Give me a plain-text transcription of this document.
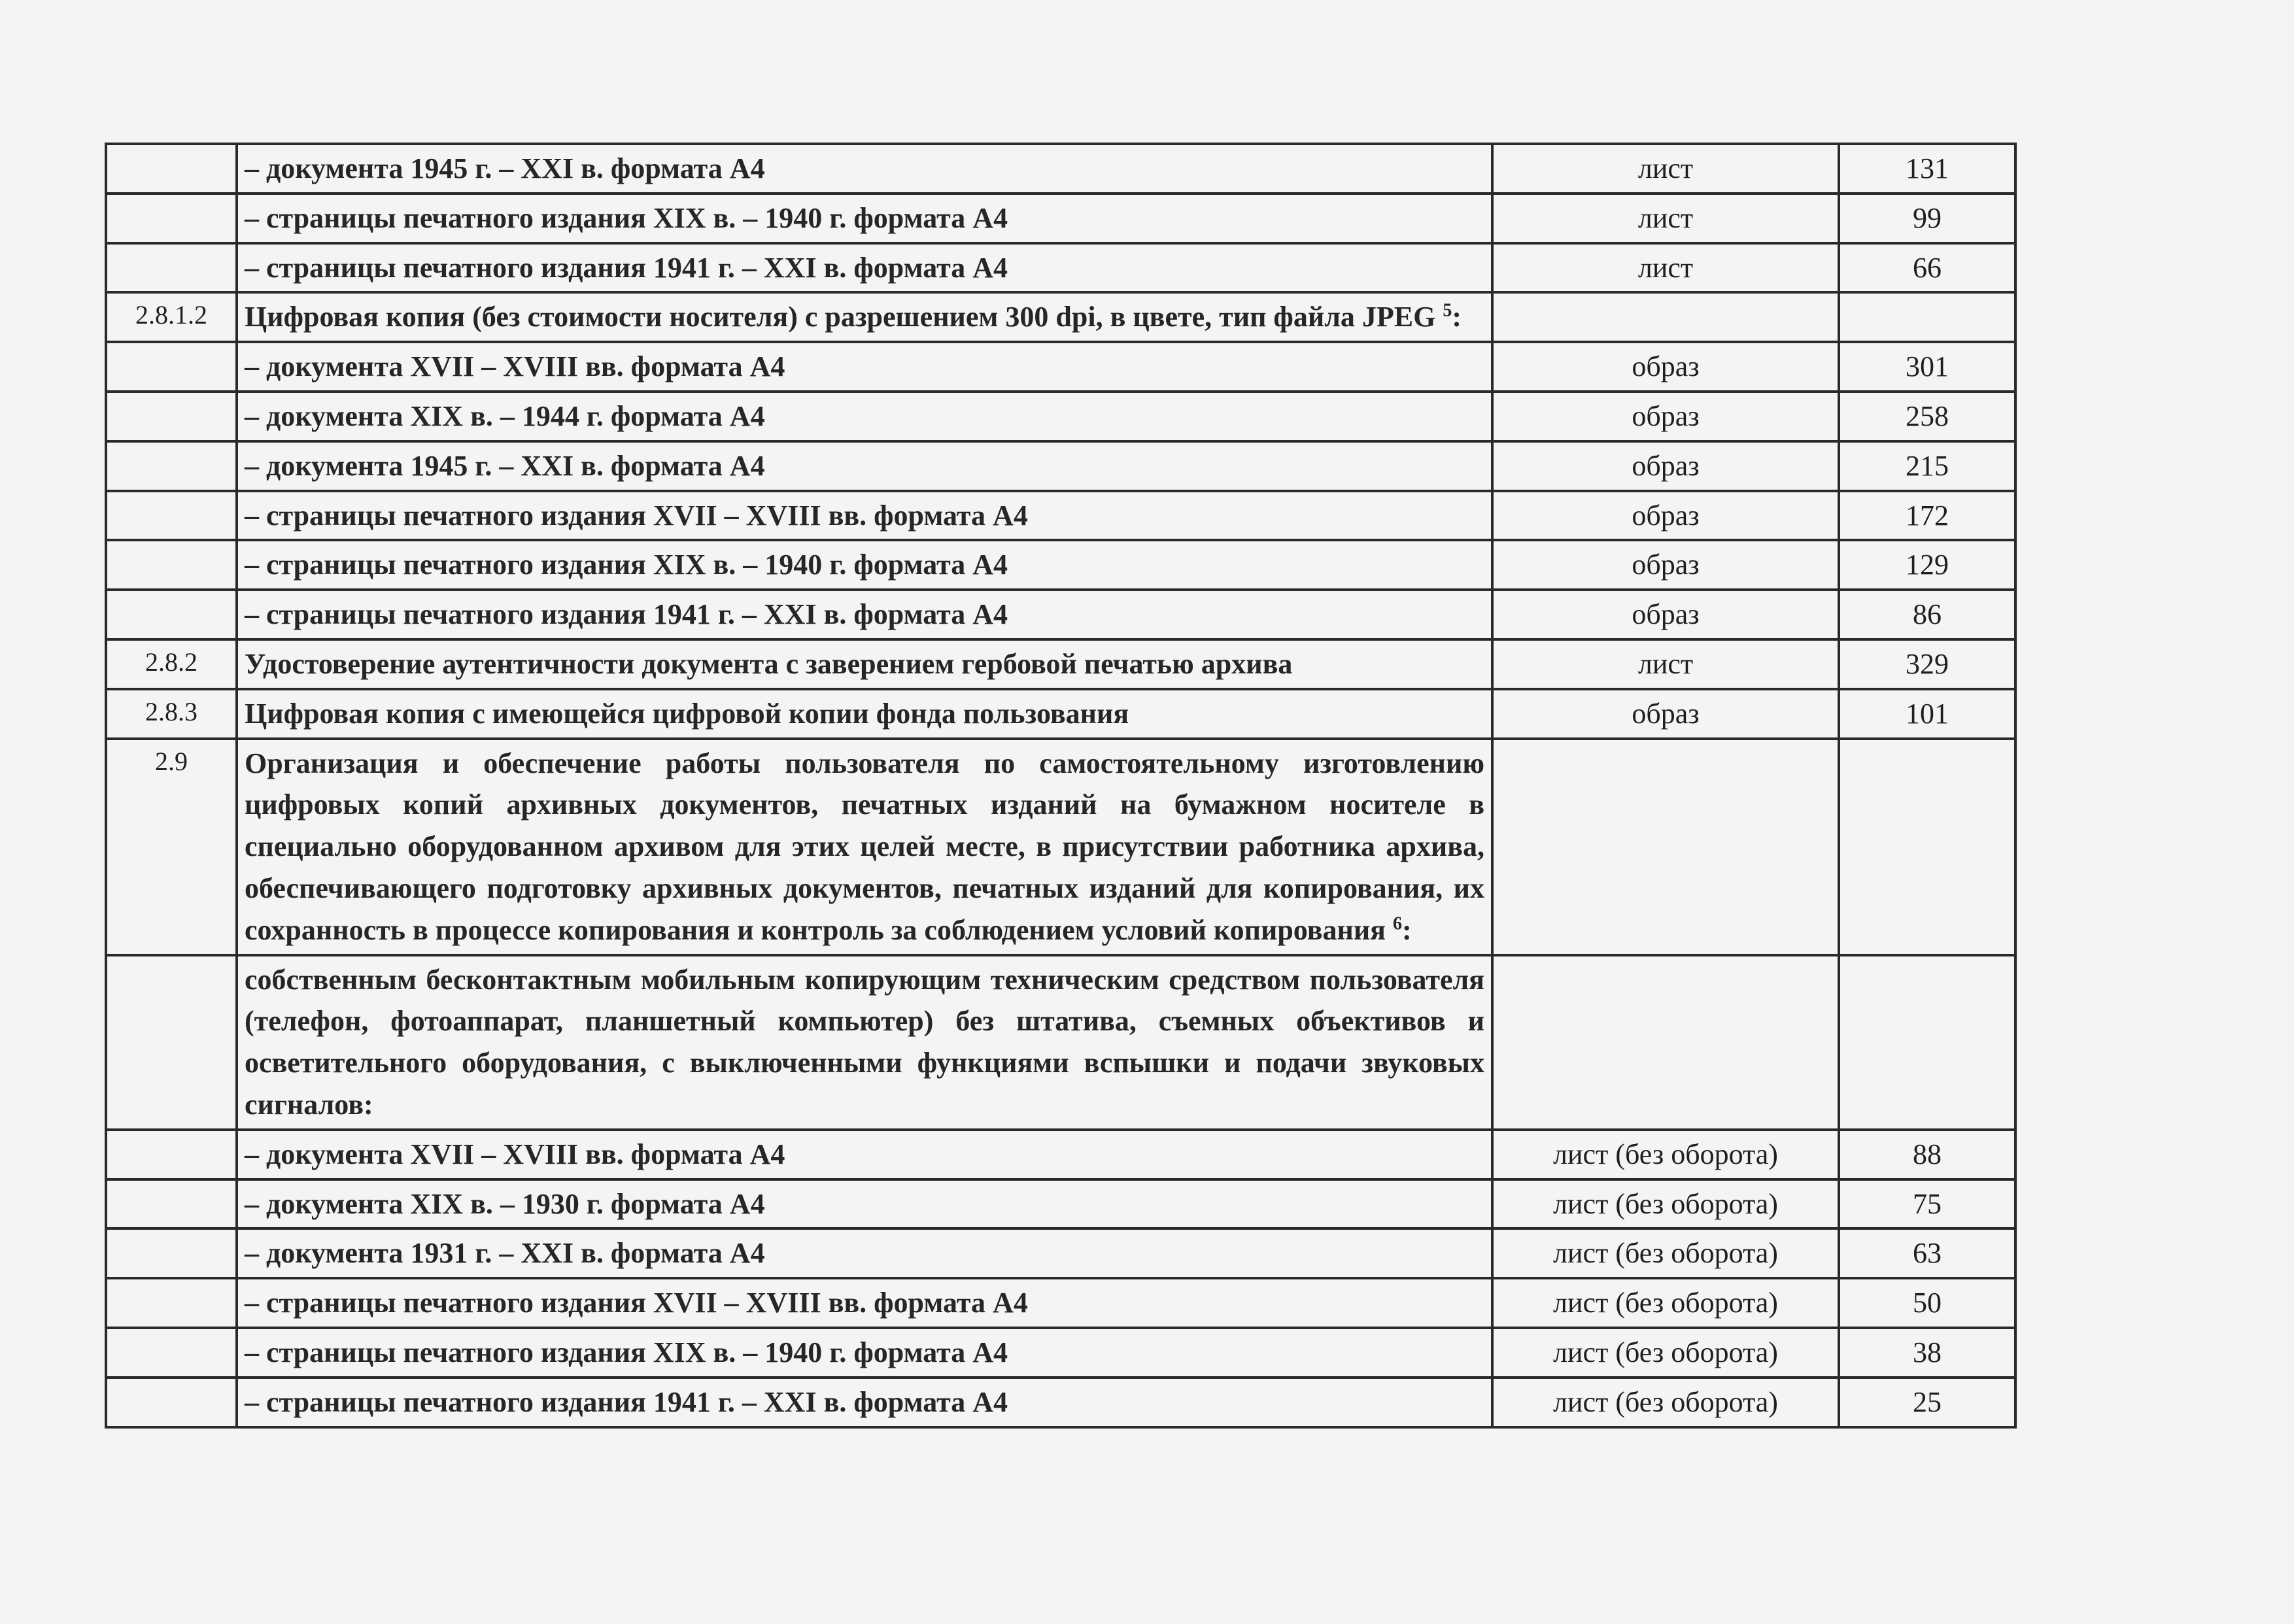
	– документа 1945 г. – XXI в. формата А4	лист	131
	– страницы печатного издания XIX в. – 1940 г. формата А4	лист	99
	– страницы печатного издания 1941 г. – XXI в. формата А4	лист	66
2.8.1.2	Цифровая копия (без стоимости носителя) с разрешением 300 dpi, в цвете, тип файла JPEG $^5$:		
	– документа XVII – XVIII вв. формата А4	образ	301
	– документа XIX в. – 1944 г. формата А4	образ	258
	– документа 1945 г. – XXI в. формата А4	образ	215
	– страницы печатного издания XVII – XVIII вв. формата А4	образ	172
	– страницы печатного издания XIX в. – 1940 г. формата А4	образ	129
	– страницы печатного издания 1941 г. – XXI в. формата А4	образ	86
2.8.2	Удостоверение аутентичности документа с заверением гербовой печатью архива	лист	329
2.8.3	Цифровая копия с имеющейся цифровой копии фонда пользования	образ	101
2.9	Организация и обеспечение работы пользователя по самостоятельному изготовлению цифровых копий архивных документов, печатных изданий на бумажном носителе в специально оборудованном архивом для этих целей месте, в присутствии работника архива, обеспечивающего подготовку архивных документов, печатных изданий для копирования, их сохранность в процессе копирования и контроль за соблюдением условий копирования $^6$:		
	собственным бесконтактным мобильным копирующим техническим средством пользователя (телефон, фотоаппарат, планшетный компьютер) без штатива, съемных объективов и осветительного оборудования, с выключенными функциями вспышки и подачи звуковых сигналов:		
	– документа XVII – XVIII вв. формата А4	лист (без оборота)	88
	– документа XIX в. – 1930 г. формата А4	лист (без оборота)	75
	– документа 1931 г. – XXI в. формата А4	лист (без оборота)	63
	– страницы печатного издания XVII – XVIII вв. формата А4	лист (без оборота)	50
	– страницы печатного издания XIX в. – 1940 г. формата А4	лист (без оборота)	38
	– страницы печатного издания 1941 г. – XXI в. формата А4	лист (без оборота)	25
